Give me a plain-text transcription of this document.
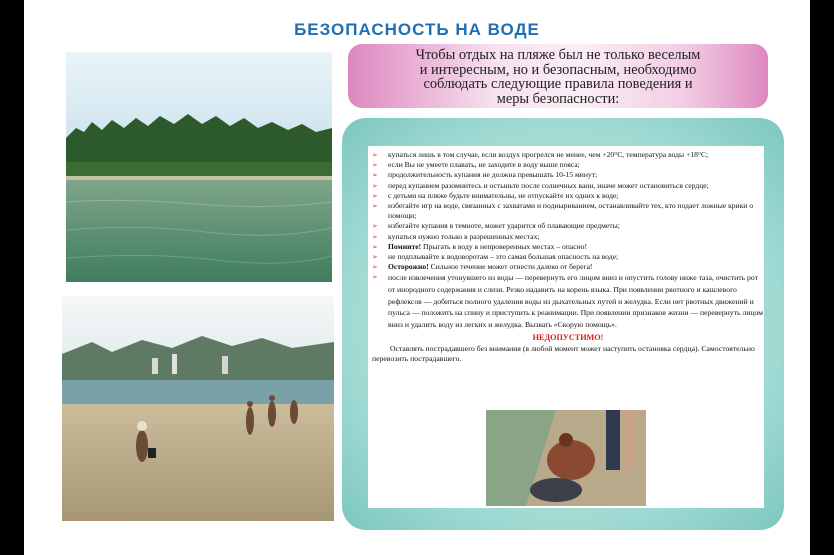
БЕЗОПАСНОСТЬ НА ВОДЕ
Чтобы отдых на пляже был не только веселым
и интересным, но и безопасным, необходимо
соблюдать следующие правила поведения и
меры безопасности:

➢ купаться лишь в том случае, если воздух прогрелся не менее, чем +20°С, температура воды +18°С;

➢ если Вы не умеете плавать, не заходите в воду выше пояса;

➢ продолжительность купания не должна превышать 10-15 минут;

➢ перед купанием разомнитесь и остыньте после солнечных ванн, иначе может остановиться сердце;

➢ с детьми на пляже будьте внимательны, не отпускайте их одних к воде;

➢ избегайте игр на воде, связанных с захватами и подныриванием, останавливайте тех, кто подает ложные крики о помощи;

➢ избегайте купания в темноте, может ударится об плавающие предметы;

➢ купаться нужно только в разрешенных местах;

➢ Помните! Прыгать в воду в непроверенных местах – опасно!

➢ не подплывайте к водоворотам – это самая большая опасность на воде;

➢ Осторожно! Сильное течение может отнести далеко от берега!

➢ после извлечения утонувшего из воды — перевернуть его лицом вниз и опустить голову ниже таза, очистить рот от инородного содержания и слизи. Резко надавить на корень языка. При появлении рвотного и кашлевого рефлексов — добиться полного удаления воды из дыхательных путей и желудка. Если нет рвотных движений и пульса — положить на спину и приступить к реанимации. При появлении признаков жизни — перевернуть лицом вниз и удалить воду из легких и желудка. Вызвать «Скорую помощь».

НЕДОПУСТИМО!

Оставлять пострадавшего без внимания (в любой момент может наступить остановка сердца). Самостоятельно перевозить пострадавшего.
